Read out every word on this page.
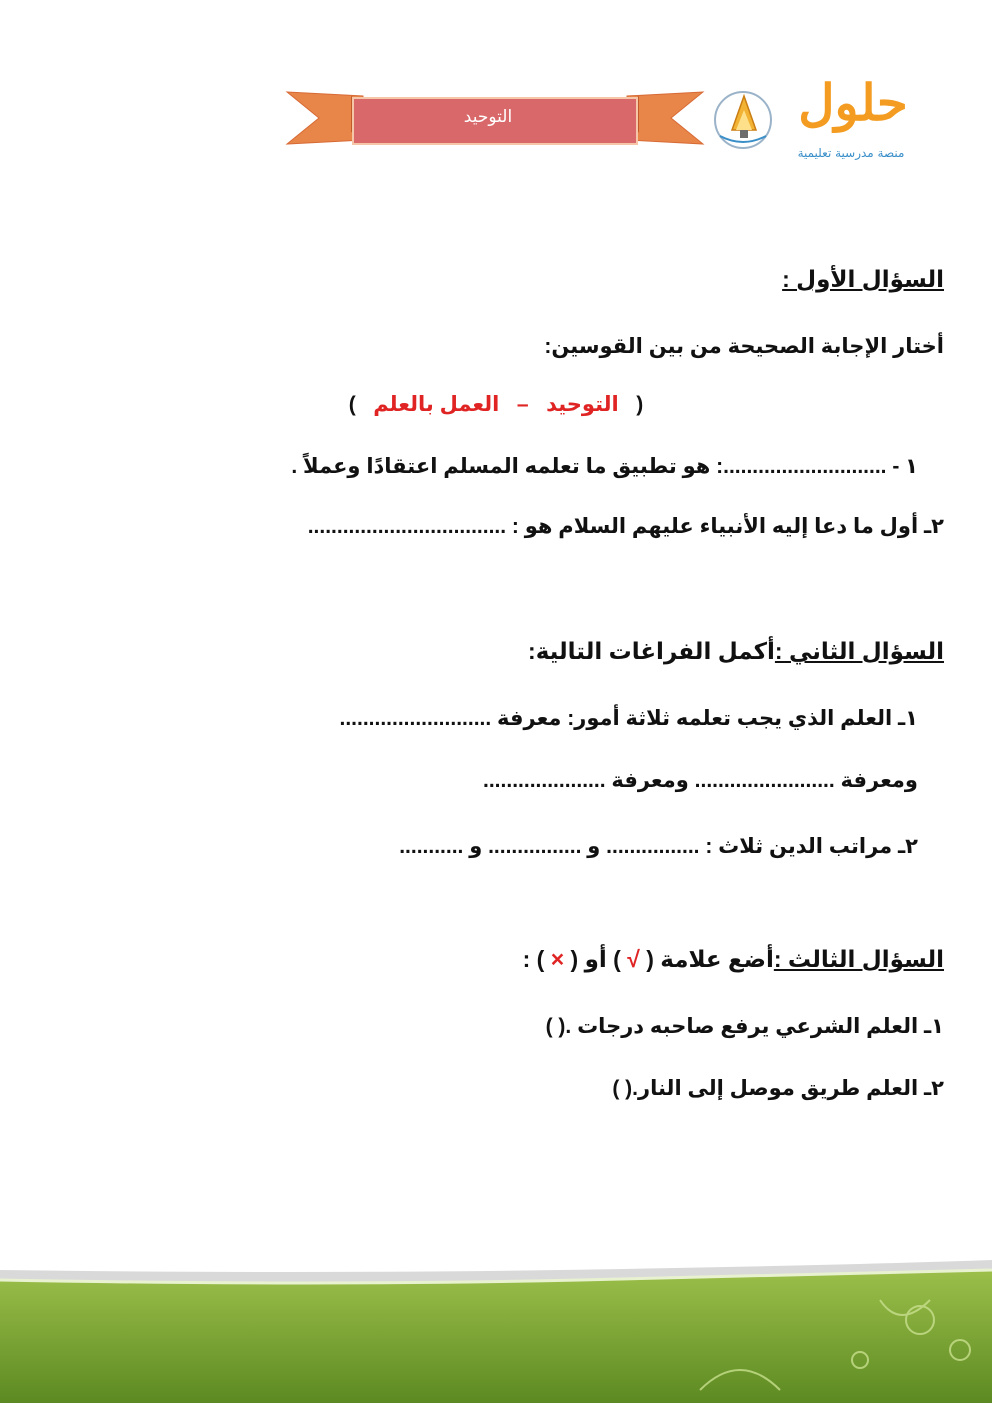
التوحيد	حلول
منصة مدرسية تعليمية
السؤال الأول :
أختار الإجابة الصحيحة من بين القوسين:
(   التوحيد   –   العمل بالعلم   )
١ - ............................: هو تطبيق ما تعلمه المسلم اعتقادًا وعملاً .
٢ـ أول ما دعا إليه الأنبياء عليهم السلام هو : ..................................
السؤال الثاني :أكمل الفراغات التالية:
١ـ العلم الذي يجب تعلمه ثلاثة أمور: معرفة ..........................
ومعرفة ........................ ومعرفة .....................
٢ـ مراتب الدين ثلاث : ................ و ................ و ...........
السؤال الثالث :أضع علامة ( √ ) أو ( × ) :
١ـ العلم الشرعي يرفع صاحبه درجات .( )
٢ـ العلم طريق موصل إلى النار.( )
